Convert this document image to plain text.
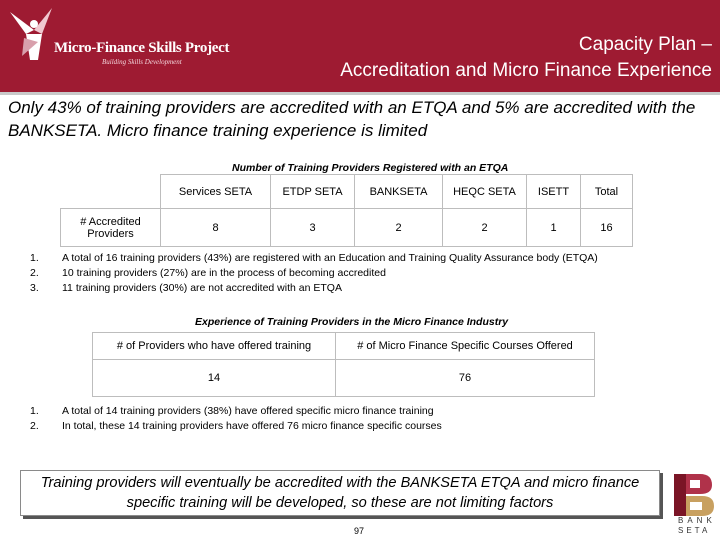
Micro-Finance Skills Project
Building Skills Development
Capacity Plan –
Accreditation and Micro Finance Experience
Only 43% of training providers are accredited with an ETQA and 5% are accredited with the BANKSETA. Micro finance training experience is limited
Number of Training Providers Registered with an ETQA
	Services SETA	ETDP SETA	BANKSETA	HEQC SETA	ISETT	Total
# Accredited Providers	8	3	2	2	1	16
1. A total of 16 training providers (43%) are registered with an Education and Training Quality Assurance body (ETQA)
2. 10 training providers (27%) are in the process of becoming accredited
3. 11 training providers (30%) are not accredited with an ETQA
Experience of Training Providers in the Micro Finance Industry
# of Providers who have offered training	# of Micro Finance Specific Courses Offered
14	76
1. A total of 14 training providers (38%) have offered specific micro finance training
2. In total, these 14 training providers have offered 76 micro finance specific courses
Training providers will eventually be accredited with the BANKSETA ETQA and micro finance specific training will be developed, so these are not limiting factors
97
BANK
SETA
